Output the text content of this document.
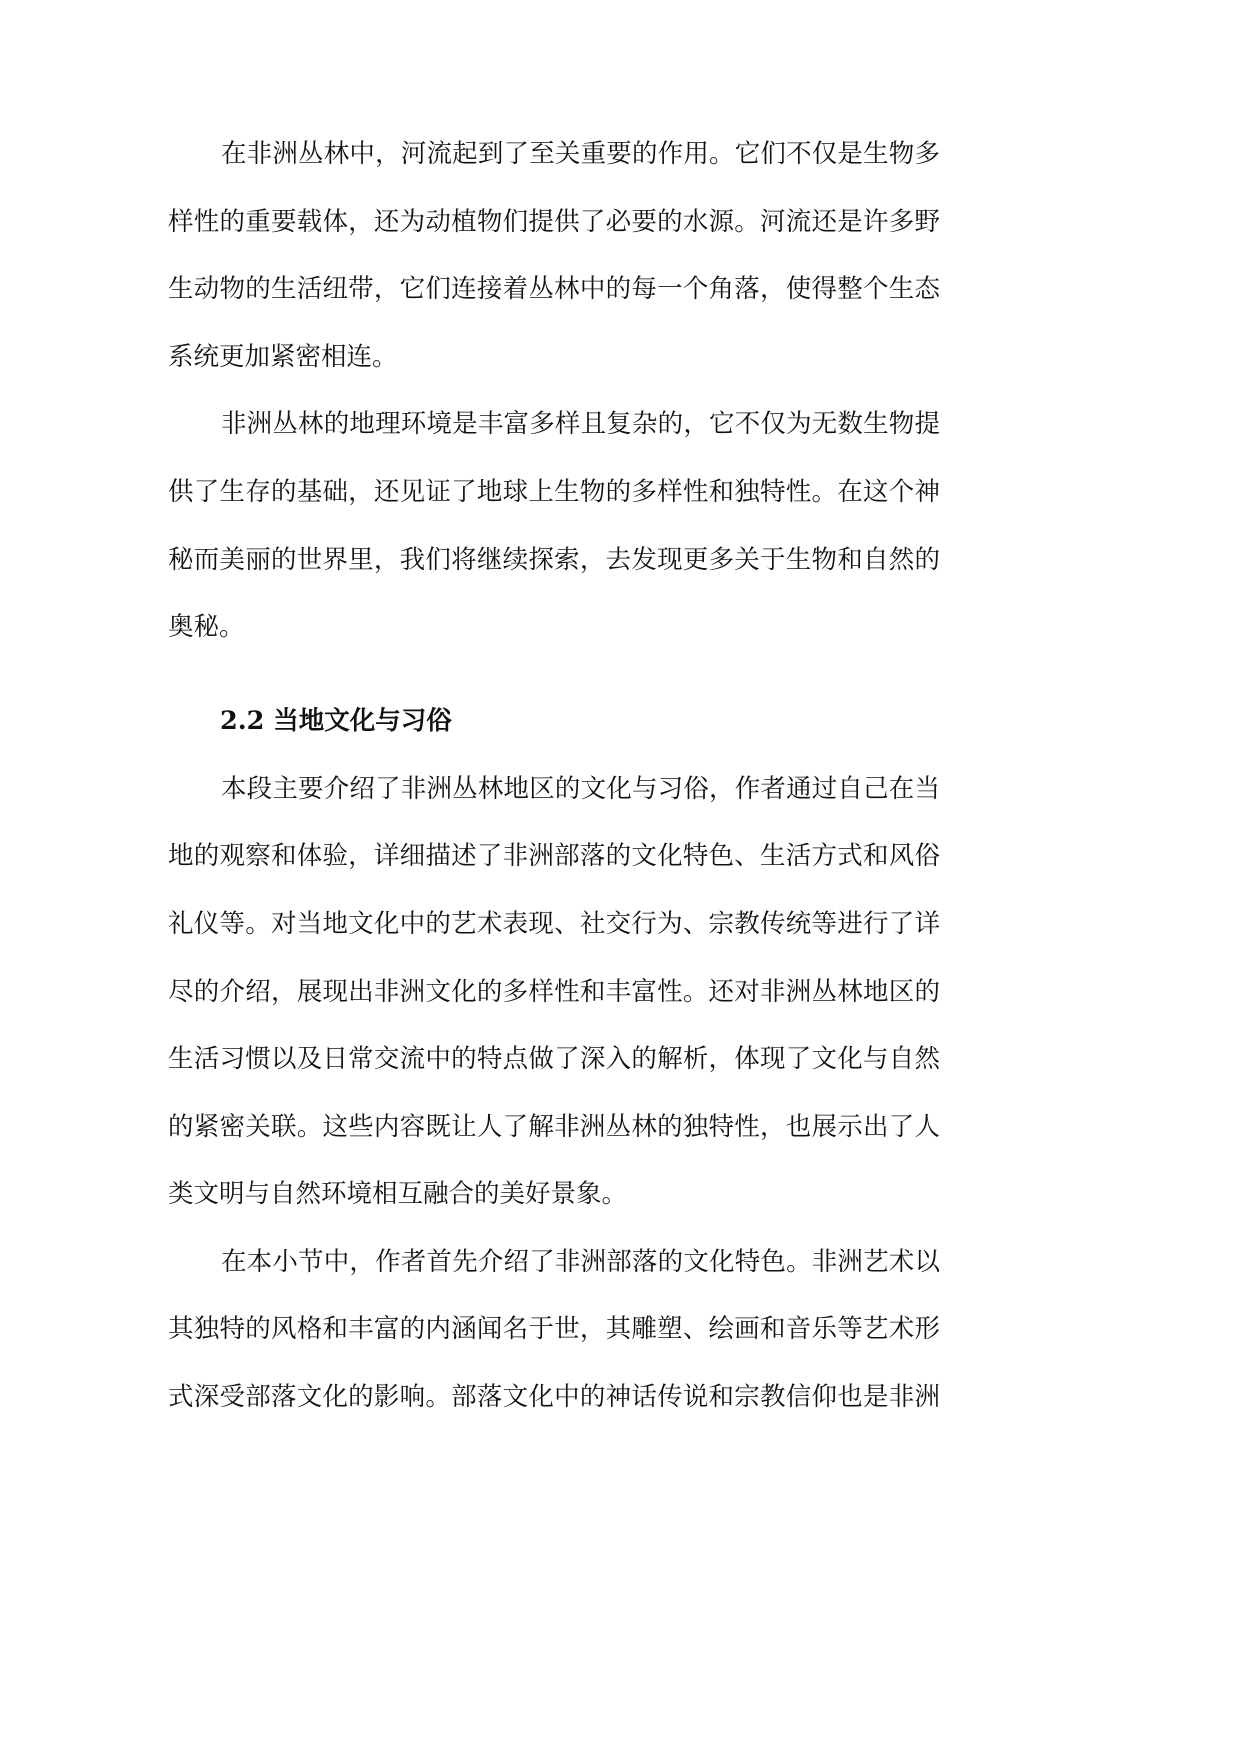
在非洲丛林中，河流起到了至关重要的作用。它们不仅是生物多
样性的重要载体，还为动植物们提供了必要的水源。河流还是许多野
生动物的生活纽带，它们连接着丛林中的每一个角落，使得整个生态
系统更加紧密相连。
非洲丛林的地理环境是丰富多样且复杂的，它不仅为无数生物提
供了生存的基础，还见证了地球上生物的多样性和独特性。在这个神
秘而美丽的世界里，我们将继续探索，去发现更多关于生物和自然的
奥秘。
2.2 当地文化与习俗
本段主要介绍了非洲丛林地区的文化与习俗，作者通过自己在当
地的观察和体验，详细描述了非洲部落的文化特色、生活方式和风俗
礼仪等。对当地文化中的艺术表现、社交行为、宗教传统等进行了详
尽的介绍，展现出非洲文化的多样性和丰富性。还对非洲丛林地区的
生活习惯以及日常交流中的特点做了深入的解析，体现了文化与自然
的紧密关联。这些内容既让人了解非洲丛林的独特性，也展示出了人
类文明与自然环境相互融合的美好景象。
在本小节中，作者首先介绍了非洲部落的文化特色。非洲艺术以
其独特的风格和丰富的内涵闻名于世，其雕塑、绘画和音乐等艺术形
式深受部落文化的影响。部落文化中的神话传说和宗教信仰也是非洲
